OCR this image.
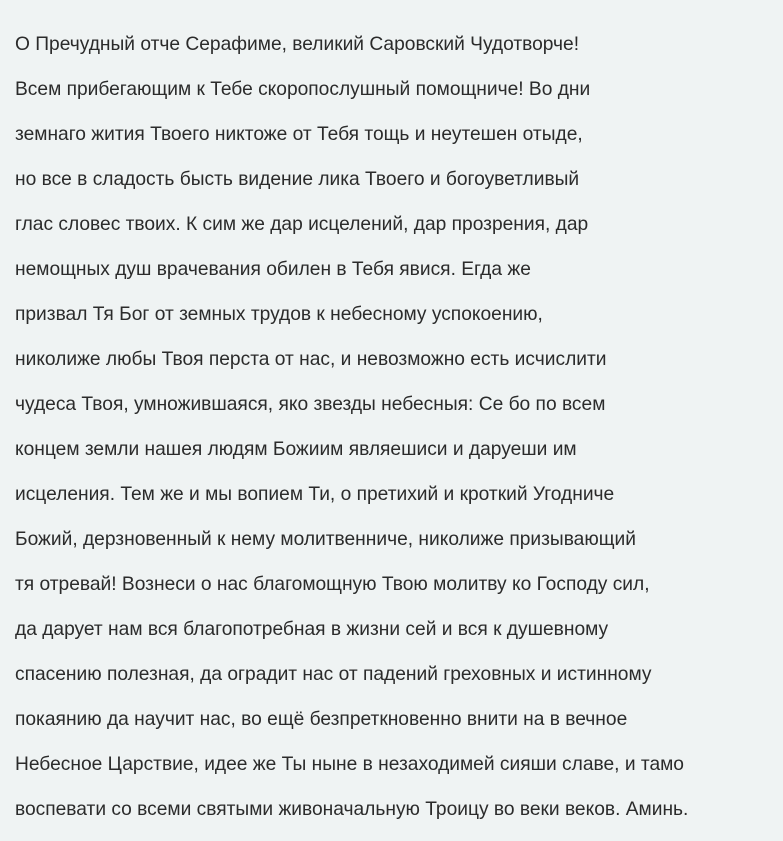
О Пречудный отче Серафиме, великий Саровский Чудотворче!
Всем прибегающим к Тебе скоропослушный помощниче! Во дни
земнаго жития Твоего никтоже от Тебя тощь и неутешен отыде,
но все в сладость бысть видение лика Твоего и богоуветливый
глас словес твоих. К сим же дар исцелений, дар прозрения, дар
немощных душ врачевания обилен в Тебя явися. Егда же
призвал Тя Бог от земных трудов к небесному успокоению,
николиже любы Твоя перста от нас, и невозможно есть исчислити
чудеса Твоя, умножившаяся, яко звезды небесныя: Се бо по всем
концем земли нашея людям Божиим являешиси и даруеши им
исцеления. Тем же и мы вопием Ти, о претихий и кроткий Угодниче
Божий, дерзновенный к нему молитвенниче, николиже призывающий
тя отревай! Вознеси о нас благомощную Твою молитву ко Господу сил,
да дарует нам вся благопотребная в жизни сей и вся к душевному
спасению полезная, да оградит нас от падений греховных и истинному
покаянию да научит нас, во ещё безпреткновенно внити на в вечное
Небесное Царствие, идее же Ты ныне в незаходимей сияши славе, и тамо
воспевати со всеми святыми живоначальную Троицу во веки веков. Аминь.
